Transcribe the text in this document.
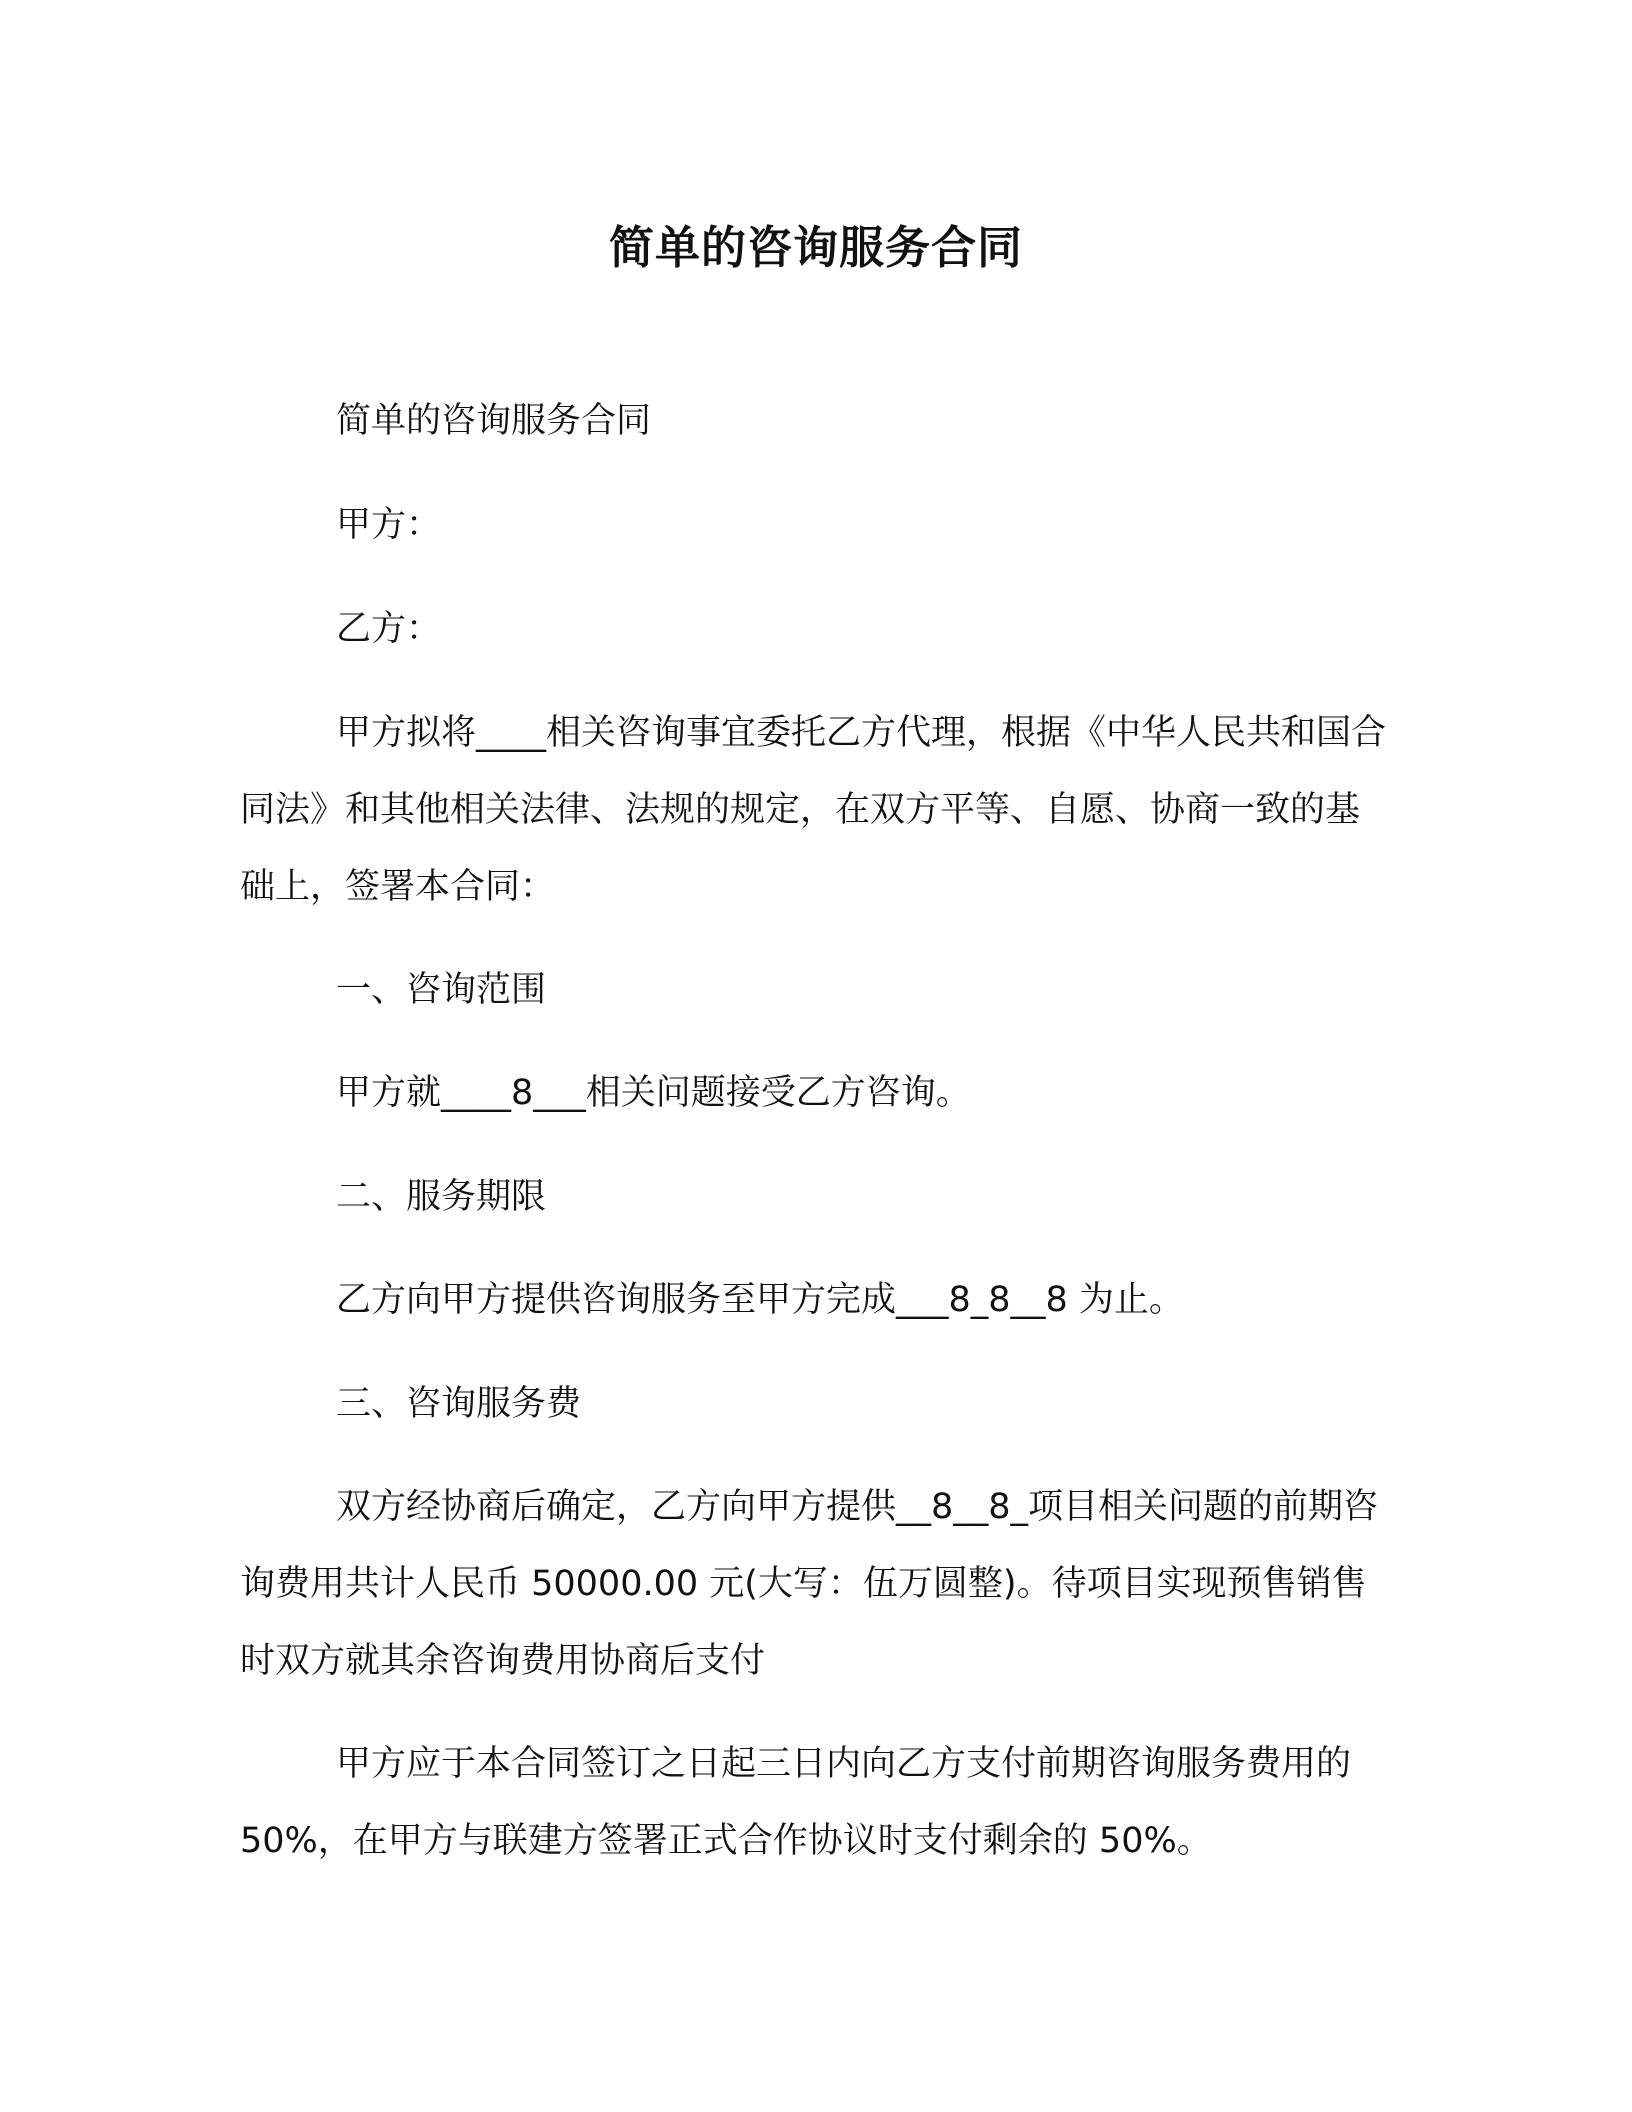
简单的咨询服务合同

简单的咨询服务合同

甲方：

乙方：

甲方拟将____相关咨询事宜委托乙方代理，根据《中华人民共和国合同法》和其他相关法律、法规的规定，在双方平等、自愿、协商一致的基础上，签署本合同：

一、咨询范围

甲方就____8___相关问题接受乙方咨询。

二、服务期限

乙方向甲方提供咨询服务至甲方完成___8_8__8 为止。

三、咨询服务费

双方经协商后确定，乙方向甲方提供__8__8_项目相关问题的前期咨询费用共计人民币 50000.00 元(大写：伍万圆整)。待项目实现预售销售时双方就其余咨询费用协商后支付

甲方应于本合同签订之日起三日内向乙方支付前期咨询服务费用的 50%，在甲方与联建方签署正式合作协议时支付剩余的 50%。
